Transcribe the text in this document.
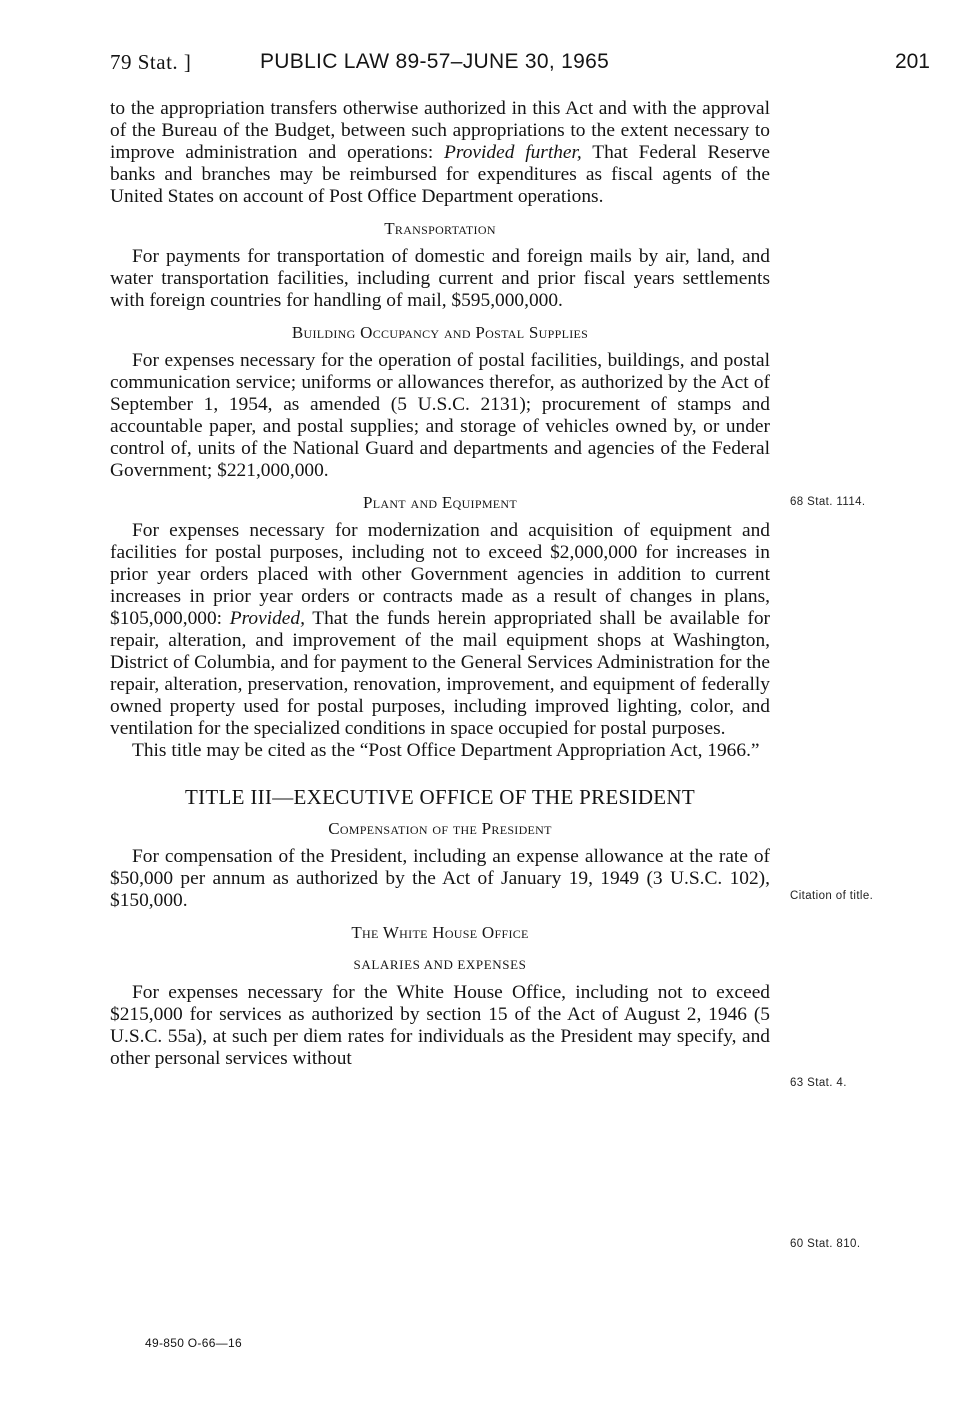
79 Stat. ]	PUBLIC LAW 89-57–JUNE 30, 1965	201

to the appropriation transfers otherwise authorized in this Act and with the approval of the Bureau of the Budget, between such appropriations to the extent necessary to improve administration and operations: Provided further, That Federal Reserve banks and branches may be reimbursed for expenditures as fiscal agents of the United States on account of Post Office Department operations.

Transportation

For payments for transportation of domestic and foreign mails by air, land, and water transportation facilities, including current and prior fiscal years settlements with foreign countries for handling of mail, $595,000,000.

Building Occupancy and Postal Supplies

For expenses necessary for the operation of postal facilities, buildings, and postal communication service; uniforms or allowances therefor, as authorized by the Act of September 1, 1954, as amended (5 U.S.C. 2131); procurement of stamps and accountable paper, and postal supplies; and storage of vehicles owned by, or under control of, units of the National Guard and departments and agencies of the Federal Government; $221,000,000.

Plant and Equipment

For expenses necessary for modernization and acquisition of equipment and facilities for postal purposes, including not to exceed $2,000,000 for increases in prior year orders placed with other Government agencies in addition to current increases in prior year orders or contracts made as a result of changes in plans, $105,000,000: Provided, That the funds herein appropriated shall be available for repair, alteration, and improvement of the mail equipment shops at Washington, District of Columbia, and for payment to the General Services Administration for the repair, alteration, preservation, renovation, improvement, and equipment of federally owned property used for postal purposes, including improved lighting, color, and ventilation for the specialized conditions in space occupied for postal purposes.

This title may be cited as the “Post Office Department Appropriation Act, 1966.”

TITLE III—EXECUTIVE OFFICE OF THE PRESIDENT
Compensation of the President

For compensation of the President, including an expense allowance at the rate of $50,000 per annum as authorized by the Act of January 19, 1949 (3 U.S.C. 102), $150,000.

The White House Office
SALARIES AND EXPENSES

For expenses necessary for the White House Office, including not to exceed $215,000 for services as authorized by section 15 of the Act of August 2, 1946 (5 U.S.C. 55a), at such per diem rates for individuals as the President may specify, and other personal services without

68 Stat. 1114.
Citation of title.
63 Stat. 4.
60 Stat. 810.
49-850 O-66—16
